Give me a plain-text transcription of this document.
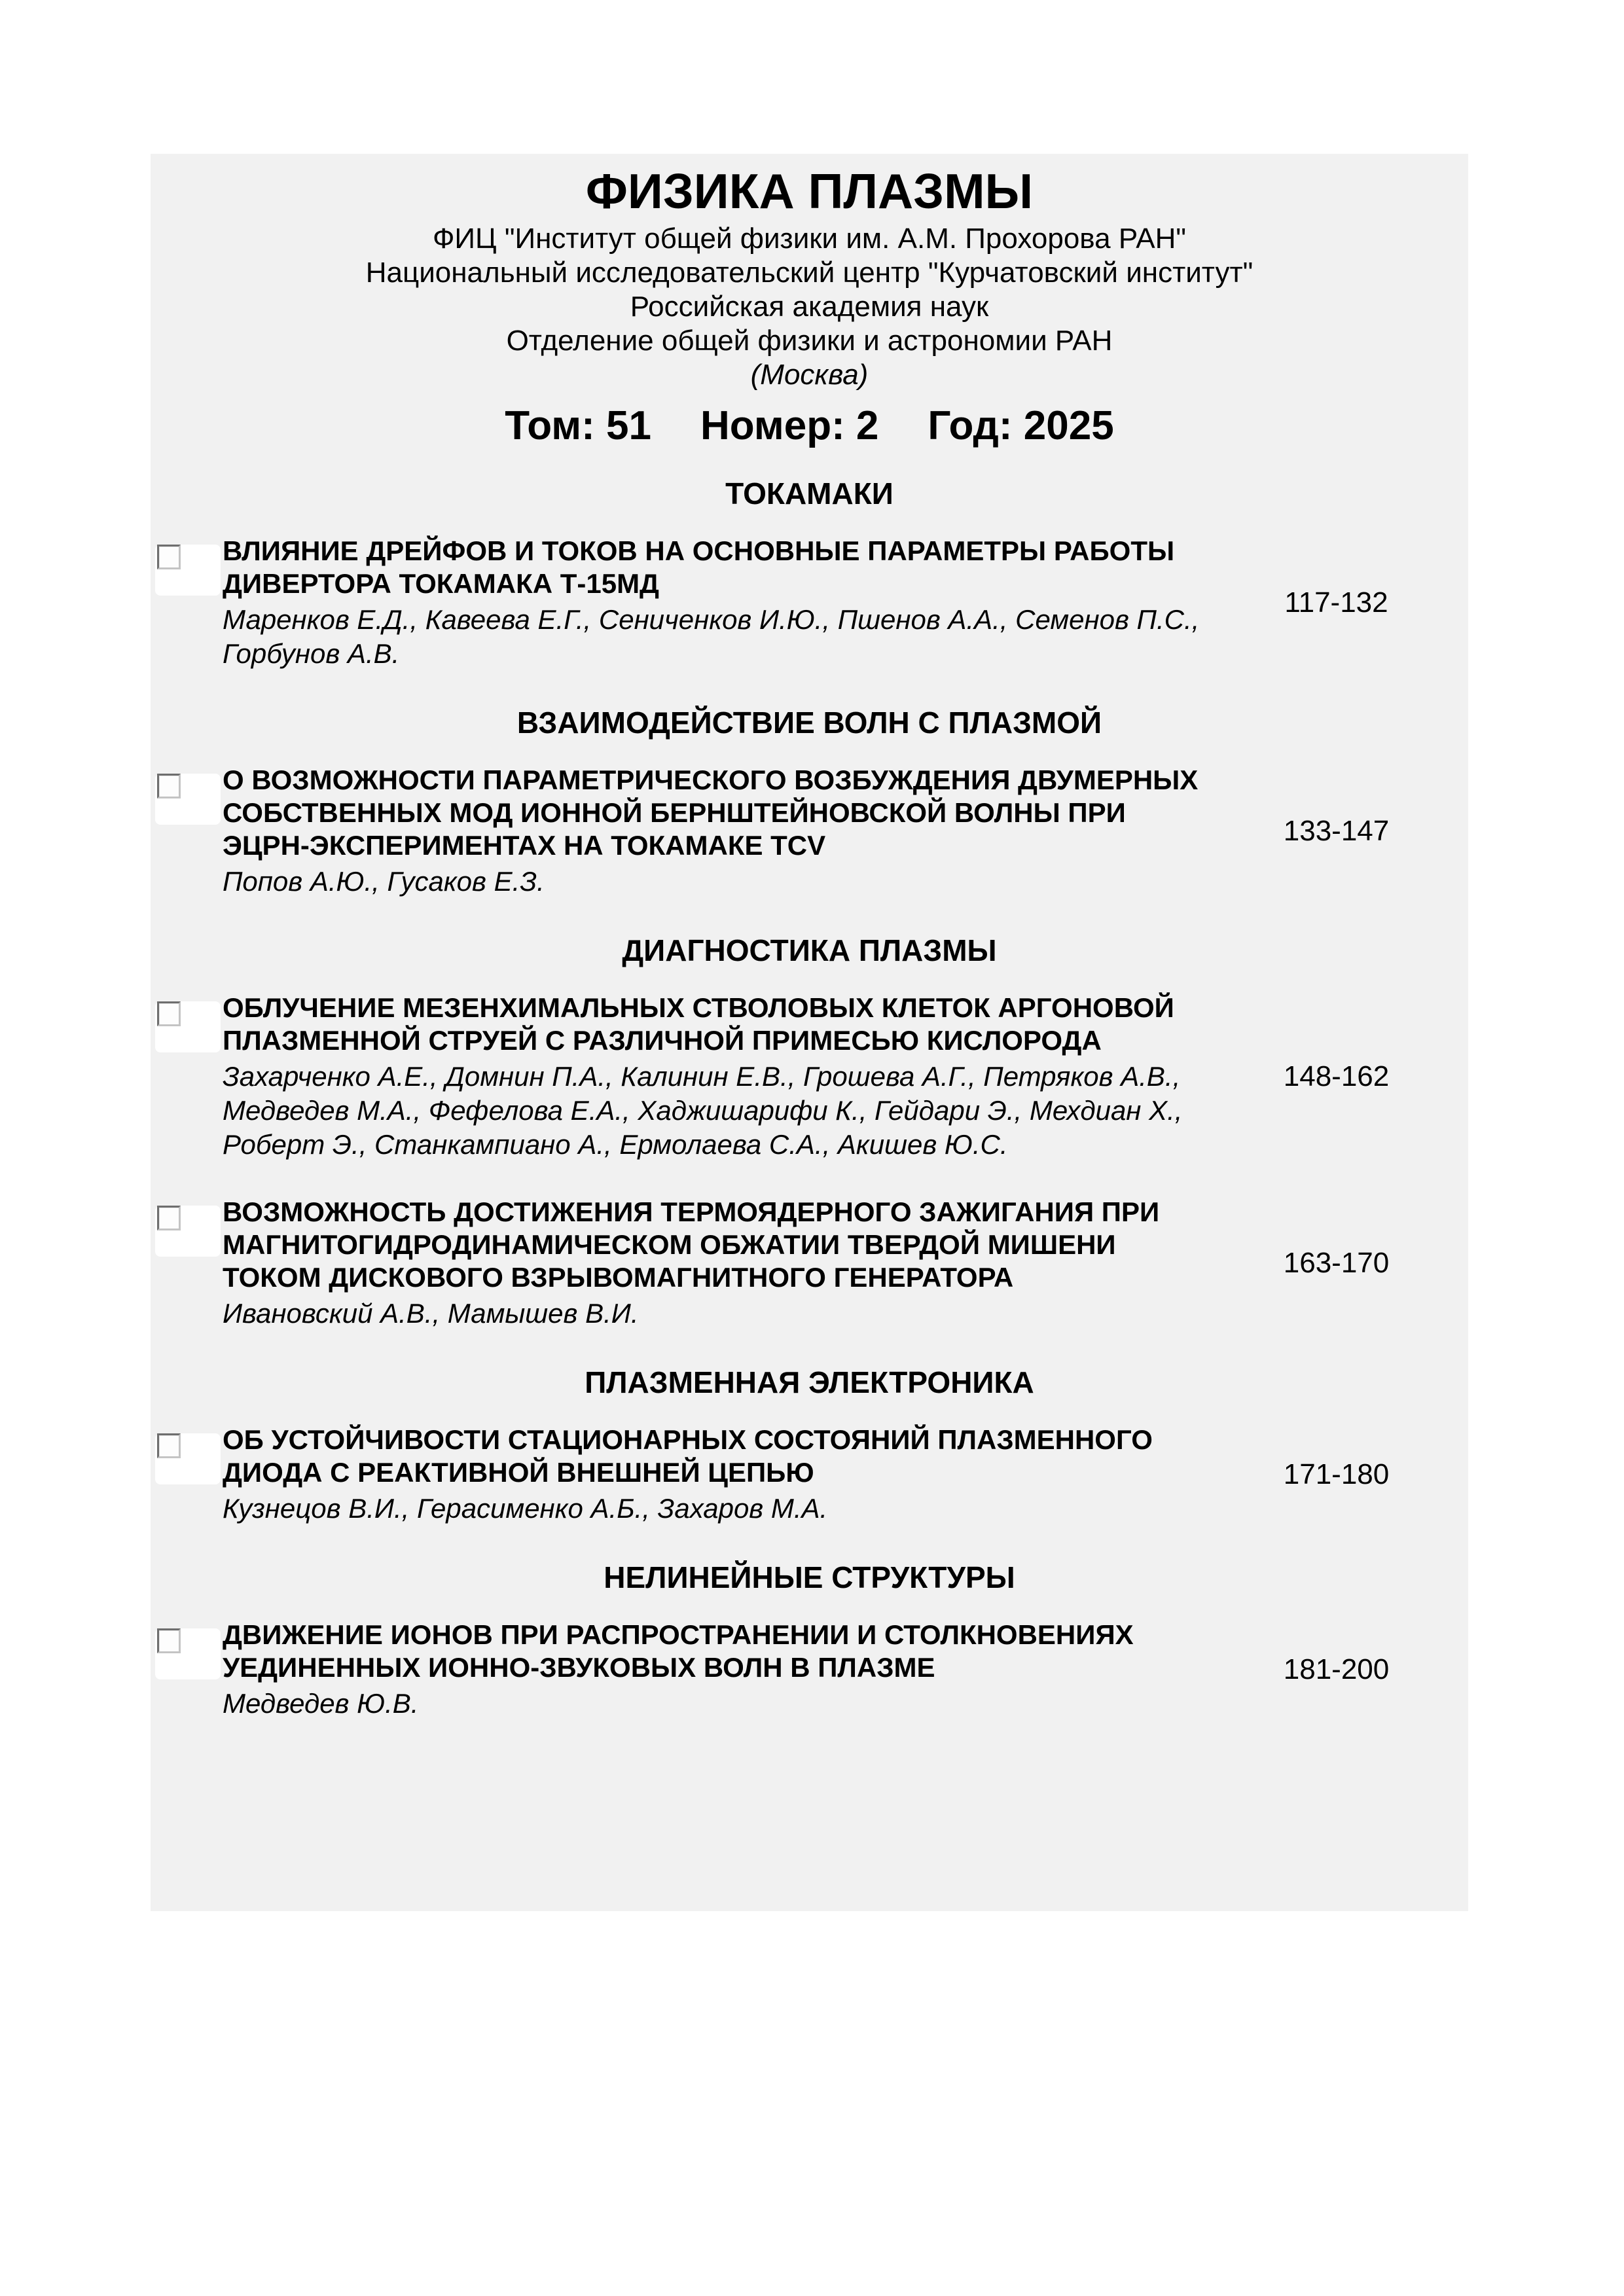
ФИЗИКА ПЛАЗМЫ
ФИЦ "Институт общей физики им. А.М. Прохорова РАН"
Национальный исследовательский центр "Курчатовский институт"
Российская академия наук
Отделение общей физики и астрономии РАН
(Москва)
Том: 51 Номер: 2 Год: 2025
ТОКАМАКИ
ВЛИЯНИЕ ДРЕЙФОВ И ТОКОВ НА ОСНОВНЫЕ ПАРАМЕТРЫ РАБОТЫ ДИВЕРТОРА ТОКАМАКА Т-15МД
Маренков Е.Д., Кавеева Е.Г., Сениченков И.Ю., Пшенов А.А., Семенов П.С., Горбунов А.В.
117-132
ВЗАИМОДЕЙСТВИЕ ВОЛН С ПЛАЗМОЙ
О ВОЗМОЖНОСТИ ПАРАМЕТРИЧЕСКОГО ВОЗБУЖДЕНИЯ ДВУМЕРНЫХ СОБСТВЕННЫХ МОД ИОННОЙ БЕРНШТЕЙНОВСКОЙ ВОЛНЫ ПРИ ЭЦРН-ЭКСПЕРИМЕНТАХ НА ТОКАМАКЕ TCV
Попов А.Ю., Гусаков Е.З.
133-147
ДИАГНОСТИКА ПЛАЗМЫ
ОБЛУЧЕНИЕ МЕЗЕНХИМАЛЬНЫХ СТВОЛОВЫХ КЛЕТОК АРГОНОВОЙ ПЛАЗМЕННОЙ СТРУЕЙ С РАЗЛИЧНОЙ ПРИМЕСЬЮ КИСЛОРОДА
Захарченко А.Е., Домнин П.А., Калинин Е.В., Грошева А.Г., Петряков А.В., Медведев М.А., Фефелова Е.А., Хаджишарифи К., Гейдари Э., Мехдиан Х., Роберт Э., Станкампиано А., Ермолаева С.А., Акишев Ю.С.
148-162
ВОЗМОЖНОСТЬ ДОСТИЖЕНИЯ ТЕРМОЯДЕРНОГО ЗАЖИГАНИЯ ПРИ МАГНИТОГИДРОДИНАМИЧЕСКОМ ОБЖАТИИ ТВЕРДОЙ МИШЕНИ ТОКОМ ДИСКОВОГО ВЗРЫВОМАГНИТНОГО ГЕНЕРАТОРА
Ивановский А.В., Мамышев В.И.
163-170
ПЛАЗМЕННАЯ ЭЛЕКТРОНИКА
ОБ УСТОЙЧИВОСТИ СТАЦИОНАРНЫХ СОСТОЯНИЙ ПЛАЗМЕННОГО ДИОДА С РЕАКТИВНОЙ ВНЕШНЕЙ ЦЕПЬЮ
Кузнецов В.И., Герасименко А.Б., Захаров М.А.
171-180
НЕЛИНЕЙНЫЕ СТРУКТУРЫ
ДВИЖЕНИЕ ИОНОВ ПРИ РАСПРОСТРАНЕНИИ И СТОЛКНОВЕНИЯХ УЕДИНЕННЫХ ИОННО-ЗВУКОВЫХ ВОЛН В ПЛАЗМЕ
Медведев Ю.В.
181-200
